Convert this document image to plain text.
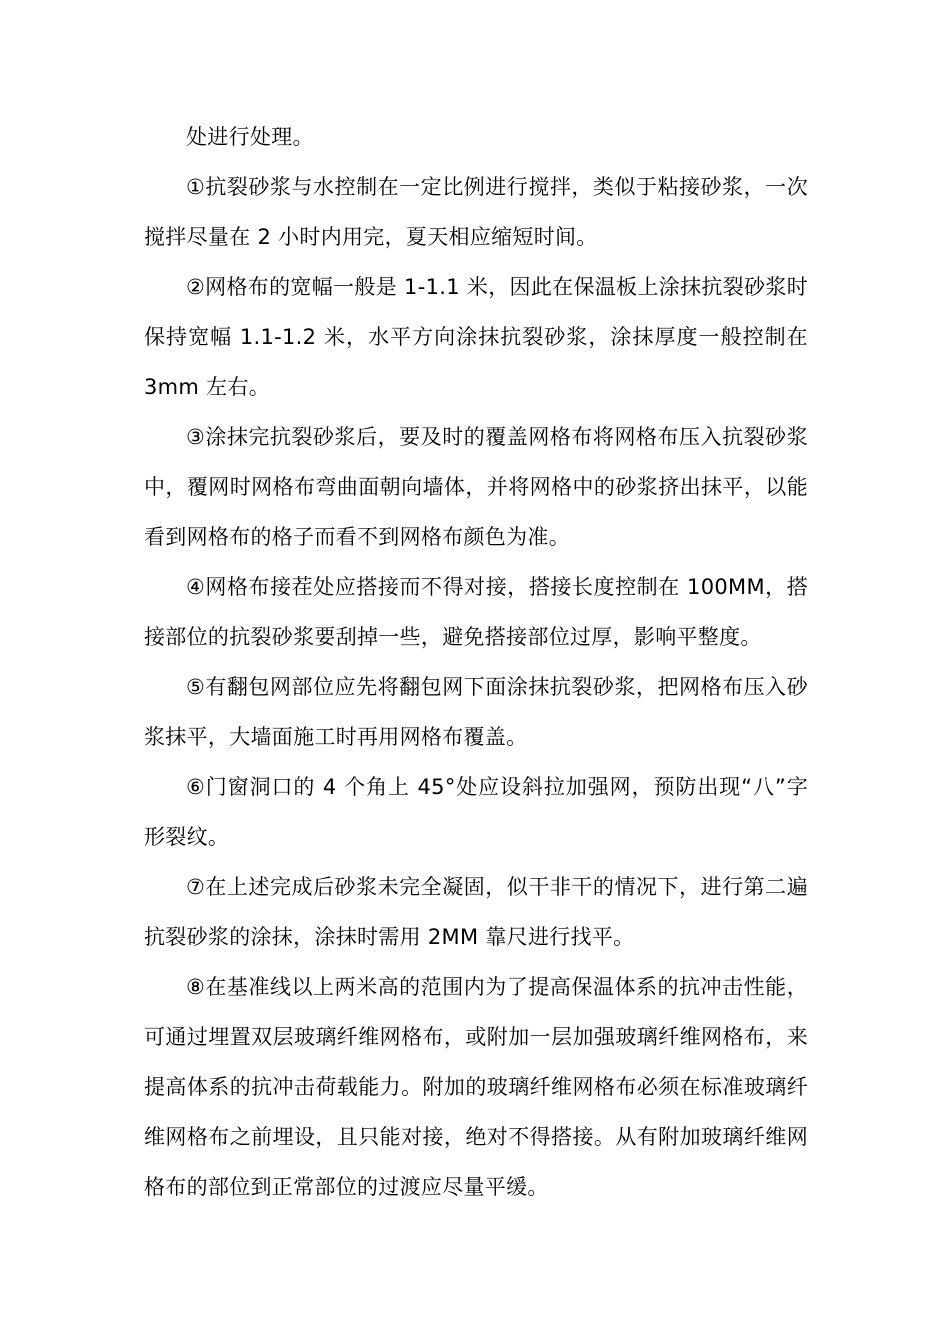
处进行处理。

①抗裂砂浆与水控制在一定比例进行搅拌，类似于粘接砂浆，一次搅拌尽量在 2 小时内用完，夏天相应缩短时间。

②网格布的宽幅一般是 1-1.1 米，因此在保温板上涂抹抗裂砂浆时保持宽幅 1.1-1.2 米，水平方向涂抹抗裂砂浆，涂抹厚度一般控制在 3mm 左右。

③涂抹完抗裂砂浆后，要及时的覆盖网格布将网格布压入抗裂砂浆中，覆网时网格布弯曲面朝向墙体，并将网格中的砂浆挤出抹平，以能看到网格布的格子而看不到网格布颜色为准。

④网格布接茬处应搭接而不得对接，搭接长度控制在 100MM，搭接部位的抗裂砂浆要刮掉一些，避免搭接部位过厚，影响平整度。

⑤有翻包网部位应先将翻包网下面涂抹抗裂砂浆，把网格布压入砂浆抹平，大墙面施工时再用网格布覆盖。

⑥门窗洞口的 4 个角上 45°处应设斜拉加强网，预防出现“八”字形裂纹。

⑦在上述完成后砂浆未完全凝固，似干非干的情况下，进行第二遍抗裂砂浆的涂抹，涂抹时需用 2MM 靠尺进行找平。

⑧在基准线以上两米高的范围内为了提高保温体系的抗冲击性能，可通过埋置双层玻璃纤维网格布，或附加一层加强玻璃纤维网格布，来提高体系的抗冲击荷载能力。附加的玻璃纤维网格布必须在标准玻璃纤维网格布之前埋设，且只能对接，绝对不得搭接。从有附加玻璃纤维网格布的部位到正常部位的过渡应尽量平缓。
